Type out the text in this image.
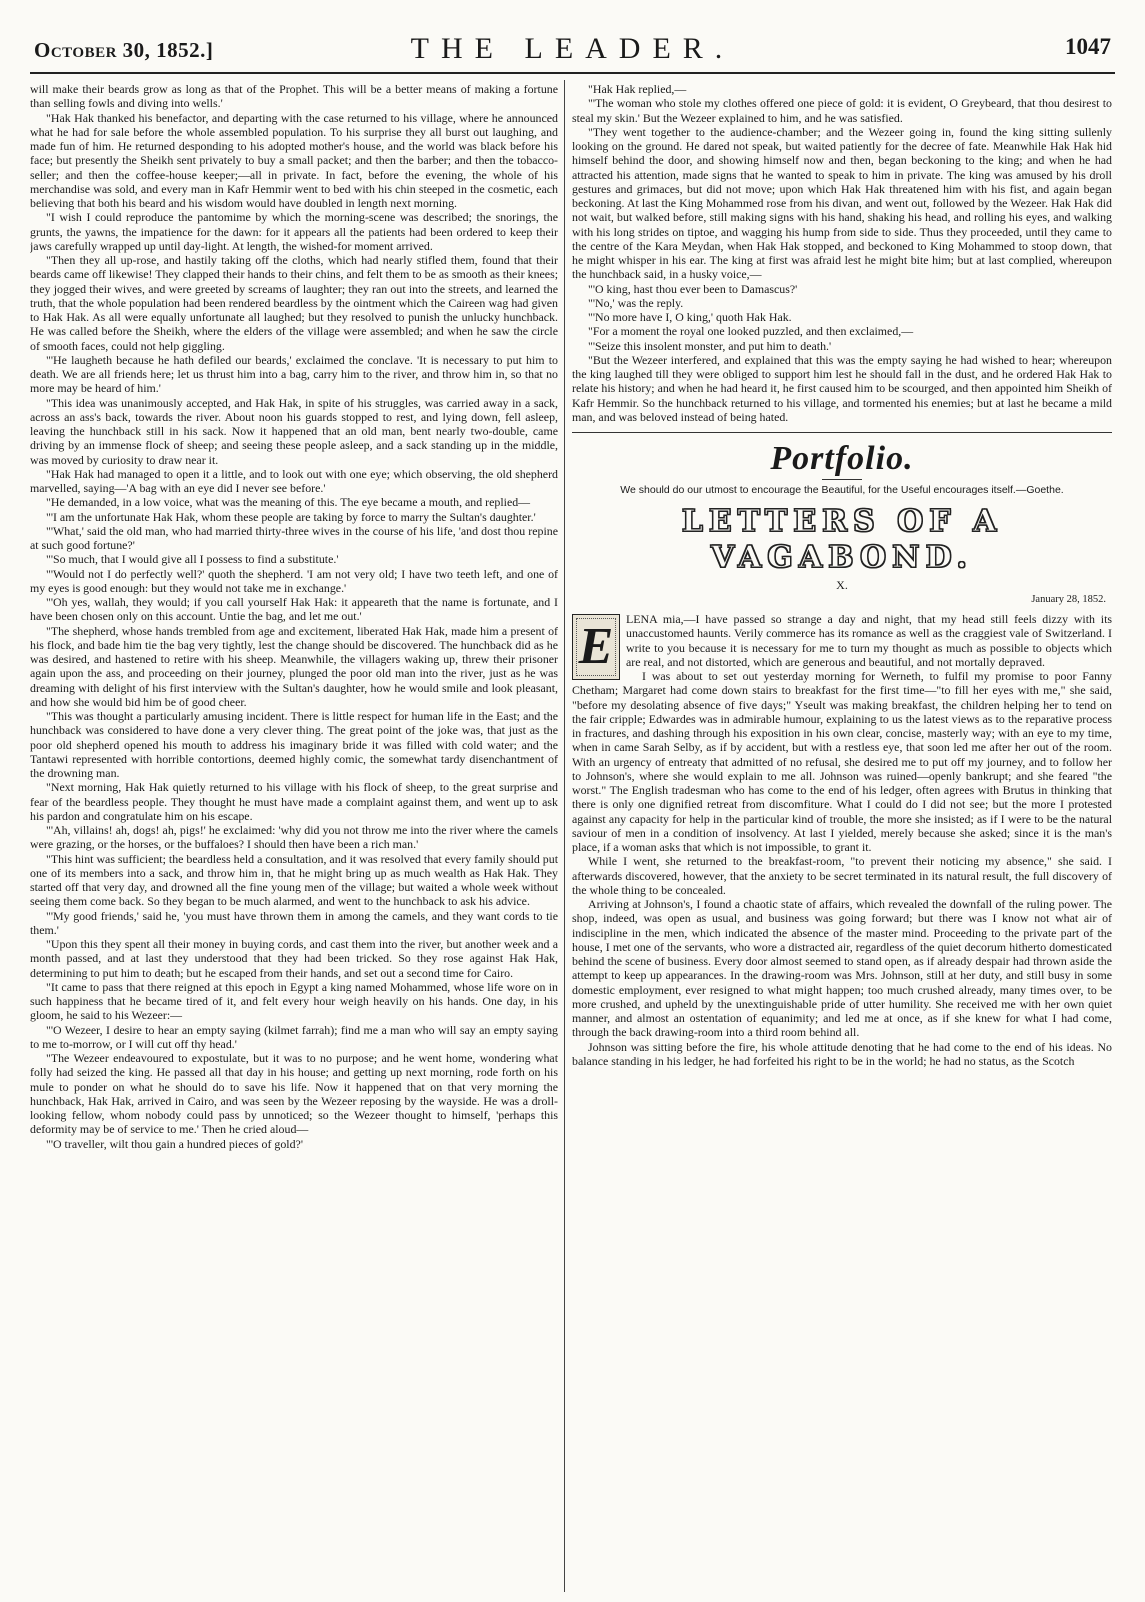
October 30, 1852.]	THE LEADER.	1047

will make their beards grow as long as that of the Prophet. This will be a better means of making a fortune than selling fowls and diving into wells.'

"Hak Hak thanked his benefactor, and departing with the case returned to his village, where he announced what he had for sale before the whole assembled population. To his surprise they all burst out laughing, and made fun of him. He returned desponding to his adopted mother's house, and the world was black before his face; but presently the Sheikh sent privately to buy a small packet; and then the barber; and then the tobacco-seller; and then the coffee-house keeper;—all in private. In fact, before the evening, the whole of his merchandise was sold, and every man in Kafr Hemmir went to bed with his chin steeped in the cosmetic, each believing that both his beard and his wisdom would have doubled in length next morning.

"I wish I could reproduce the pantomime by which the morning-scene was described; the snorings, the grunts, the yawns, the impatience for the dawn: for it appears all the patients had been ordered to keep their jaws carefully wrapped up until day-light. At length, the wished-for moment arrived.

"Then they all up-rose, and hastily taking off the cloths, which had nearly stifled them, found that their beards came off likewise! They clapped their hands to their chins, and felt them to be as smooth as their knees; they jogged their wives, and were greeted by screams of laughter; they ran out into the streets, and learned the truth, that the whole population had been rendered beardless by the ointment which the Caireen wag had given to Hak Hak. As all were equally unfortunate all laughed; but they resolved to punish the unlucky hunchback. He was called before the Sheikh, where the elders of the village were assembled; and when he saw the circle of smooth faces, could not help giggling.

"'He laugheth because he hath defiled our beards,' exclaimed the conclave. 'It is necessary to put him to death. We are all friends here; let us thrust him into a bag, carry him to the river, and throw him in, so that no more may be heard of him.'

"This idea was unanimously accepted, and Hak Hak, in spite of his struggles, was carried away in a sack, across an ass's back, towards the river. About noon his guards stopped to rest, and lying down, fell asleep, leaving the hunchback still in his sack. Now it happened that an old man, bent nearly two-double, came driving by an immense flock of sheep; and seeing these people asleep, and a sack standing up in the middle, was moved by curiosity to draw near it.

"Hak Hak had managed to open it a little, and to look out with one eye; which observing, the old shepherd marvelled, saying—'A bag with an eye did I never see before.'

"He demanded, in a low voice, what was the meaning of this. The eye became a mouth, and replied—

"'I am the unfortunate Hak Hak, whom these people are taking by force to marry the Sultan's daughter.'

"'What,' said the old man, who had married thirty-three wives in the course of his life, 'and dost thou repine at such good fortune?'

"'So much, that I would give all I possess to find a substitute.'

"'Would not I do perfectly well?' quoth the shepherd. 'I am not very old; I have two teeth left, and one of my eyes is good enough: but they would not take me in exchange.'

"'Oh yes, wallah, they would; if you call yourself Hak Hak: it appeareth that the name is fortunate, and I have been chosen only on this account. Untie the bag, and let me out.'

"The shepherd, whose hands trembled from age and excitement, liberated Hak Hak, made him a present of his flock, and bade him tie the bag very tightly, lest the change should be discovered. The hunchback did as he was desired, and hastened to retire with his sheep. Meanwhile, the villagers waking up, threw their prisoner again upon the ass, and proceeding on their journey, plunged the poor old man into the river, just as he was dreaming with delight of his first interview with the Sultan's daughter, how he would smile and look pleasant, and how she would bid him be of good cheer.

"This was thought a particularly amusing incident. There is little respect for human life in the East; and the hunchback was considered to have done a very clever thing. The great point of the joke was, that just as the poor old shepherd opened his mouth to address his imaginary bride it was filled with cold water; and the Tantawi represented with horrible contortions, deemed highly comic, the somewhat tardy disenchantment of the drowning man.

"Next morning, Hak Hak quietly returned to his village with his flock of sheep, to the great surprise and fear of the beardless people. They thought he must have made a complaint against them, and went up to ask his pardon and congratulate him on his escape.

"'Ah, villains! ah, dogs! ah, pigs!' he exclaimed: 'why did you not throw me into the river where the camels were grazing, or the horses, or the buffaloes? I should then have been a rich man.'

"This hint was sufficient; the beardless held a consultation, and it was resolved that every family should put one of its members into a sack, and throw him in, that he might bring up as much wealth as Hak Hak. They started off that very day, and drowned all the fine young men of the village; but waited a whole week without seeing them come back. So they began to be much alarmed, and went to the hunchback to ask his advice.

"'My good friends,' said he, 'you must have thrown them in among the camels, and they want cords to tie them.'

"Upon this they spent all their money in buying cords, and cast them into the river, but another week and a month passed, and at last they understood that they had been tricked. So they rose against Hak Hak, determining to put him to death; but he escaped from their hands, and set out a second time for Cairo.

"It came to pass that there reigned at this epoch in Egypt a king named Mohammed, whose life wore on in such happiness that he became tired of it, and felt every hour weigh heavily on his hands. One day, in his gloom, he said to his Wezeer:—

"'O Wezeer, I desire to hear an empty saying (kilmet farrah); find me a man who will say an empty saying to me to-morrow, or I will cut off thy head.'

"The Wezeer endeavoured to expostulate, but it was to no purpose; and he went home, wondering what folly had seized the king. He passed all that day in his house; and getting up next morning, rode forth on his mule to ponder on what he should do to save his life. Now it happened that on that very morning the hunchback, Hak Hak, arrived in Cairo, and was seen by the Wezeer reposing by the wayside. He was a droll-looking fellow, whom nobody could pass by unnoticed; so the Wezeer thought to himself, 'perhaps this deformity may be of service to me.' Then he cried aloud—

"'O traveller, wilt thou gain a hundred pieces of gold?'

"Hak Hak replied,—

"'The woman who stole my clothes offered one piece of gold: it is evident, O Greybeard, that thou desirest to steal my skin.' But the Wezeer explained to him, and he was satisfied.

"They went together to the audience-chamber; and the Wezeer going in, found the king sitting sullenly looking on the ground. He dared not speak, but waited patiently for the decree of fate. Meanwhile Hak Hak hid himself behind the door, and showing himself now and then, began beckoning to the king; and when he had attracted his attention, made signs that he wanted to speak to him in private. The king was amused by his droll gestures and grimaces, but did not move; upon which Hak Hak threatened him with his fist, and again began beckoning. At last the King Mohammed rose from his divan, and went out, followed by the Wezeer. Hak Hak did not wait, but walked before, still making signs with his hand, shaking his head, and rolling his eyes, and walking with his long strides on tiptoe, and wagging his hump from side to side. Thus they proceeded, until they came to the centre of the Kara Meydan, when Hak Hak stopped, and beckoned to King Mohammed to stoop down, that he might whisper in his ear. The king at first was afraid lest he might bite him; but at last complied, whereupon the hunchback said, in a husky voice,—

"'O king, hast thou ever been to Damascus?'

"'No,' was the reply.

"'No more have I, O king,' quoth Hak Hak.

"For a moment the royal one looked puzzled, and then exclaimed,—

"'Seize this insolent monster, and put him to death.'

"But the Wezeer interfered, and explained that this was the empty saying he had wished to hear; whereupon the king laughed till they were obliged to support him lest he should fall in the dust, and he ordered Hak Hak to relate his history; and when he had heard it, he first caused him to be scourged, and then appointed him Sheikh of Kafr Hemmir. So the hunchback returned to his village, and tormented his enemies; but at last he became a mild man, and was beloved instead of being hated.

Portfolio.
We should do our utmost to encourage the Beautiful, for the Useful encourages itself.—Goethe.
LETTERS OF A VAGABOND.
X.
January 28, 1852.
E	LENA mia,—I have passed so strange a day and night, that my head still feels dizzy with its unaccustomed haunts. Verily commerce has its romance as well as the craggiest vale of Switzerland. I write to you because it is necessary for me to turn my thought as much as possible to objects which are real, and not distorted, which are generous and beautiful, and not mortally depraved.

I was about to set out yesterday morning for Werneth, to fulfil my promise to poor Fanny Chetham; Margaret had come down stairs to breakfast for the first time—"to fill her eyes with me," she said, "before my desolating absence of five days;" Yseult was making breakfast, the children helping her to tend on the fair cripple; Edwardes was in admirable humour, explaining to us the latest views as to the reparative process in fractures, and dashing through his exposition in his own clear, concise, masterly way; with an eye to my time, when in came Sarah Selby, as if by accident, but with a restless eye, that soon led me after her out of the room. With an urgency of entreaty that admitted of no refusal, she desired me to put off my journey, and to follow her to Johnson's, where she would explain to me all. Johnson was ruined—openly bankrupt; and she feared "the worst." The English tradesman who has come to the end of his ledger, often agrees with Brutus in thinking that there is only one dignified retreat from discomfiture. What I could do I did not see; but the more I protested against any capacity for help in the particular kind of trouble, the more she insisted; as if I were to be the natural saviour of men in a condition of insolvency. At last I yielded, merely because she asked; since it is the man's place, if a woman asks that which is not impossible, to grant it.

While I went, she returned to the breakfast-room, "to prevent their noticing my absence," she said. I afterwards discovered, however, that the anxiety to be secret terminated in its natural result, the full discovery of the whole thing to be concealed.

Arriving at Johnson's, I found a chaotic state of affairs, which revealed the downfall of the ruling power. The shop, indeed, was open as usual, and business was going forward; but there was I know not what air of indiscipline in the men, which indicated the absence of the master mind. Proceeding to the private part of the house, I met one of the servants, who wore a distracted air, regardless of the quiet decorum hitherto domesticated behind the scene of business. Every door almost seemed to stand open, as if already despair had thrown aside the attempt to keep up appearances. In the drawing-room was Mrs. Johnson, still at her duty, and still busy in some domestic employment, ever resigned to what might happen; too much crushed already, many times over, to be more crushed, and upheld by the unextinguishable pride of utter humility. She received me with her own quiet manner, and almost an ostentation of equanimity; and led me at once, as if she knew for what I had come, through the back drawing-room into a third room behind all.

Johnson was sitting before the fire, his whole attitude denoting that he had come to the end of his ideas. No balance standing in his ledger, he had forfeited his right to be in the world; he had no status, as the Scotch
